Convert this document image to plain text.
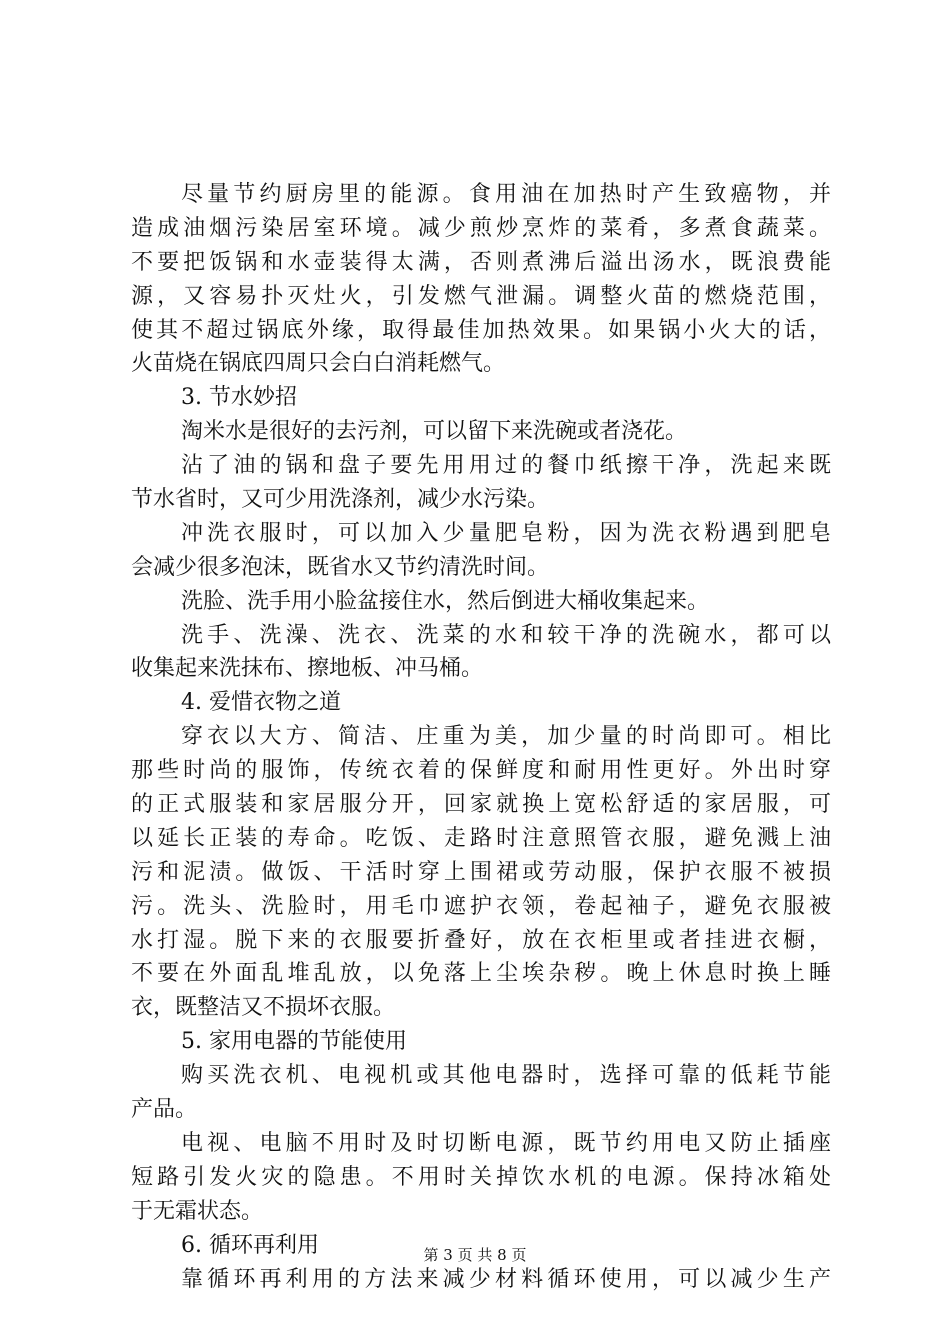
尽量节约厨房里的能源。食用油在加热时产生致癌物，并
造成油烟污染居室环境。减少煎炒烹炸的菜肴，多煮食蔬菜。
不要把饭锅和水壶装得太满，否则煮沸后溢出汤水，既浪费能
源，又容易扑灭灶火，引发燃气泄漏。调整火苗的燃烧范围，
使其不超过锅底外缘，取得最佳加热效果。如果锅小火大的话，
火苗烧在锅底四周只会白白消耗燃气。
3. 节水妙招
淘米水是很好的去污剂，可以留下来洗碗或者浇花。
沾了油的锅和盘子要先用用过的餐巾纸擦干净，洗起来既
节水省时，又可少用洗涤剂，减少水污染。
冲洗衣服时，可以加入少量肥皂粉，因为洗衣粉遇到肥皂
会减少很多泡沫，既省水又节约清洗时间。
洗脸、洗手用小脸盆接住水，然后倒进大桶收集起来。
洗手、洗澡、洗衣、洗菜的水和较干净的洗碗水，都可以
收集起来洗抹布、擦地板、冲马桶。
4. 爱惜衣物之道
穿衣以大方、简洁、庄重为美，加少量的时尚即可。相比
那些时尚的服饰，传统衣着的保鲜度和耐用性更好。外出时穿
的正式服装和家居服分开，回家就换上宽松舒适的家居服，可
以延长正装的寿命。吃饭、走路时注意照管衣服，避免溅上油
污和泥渍。做饭、干活时穿上围裙或劳动服，保护衣服不被损
污。洗头、洗脸时，用毛巾遮护衣领，卷起袖子，避免衣服被
水打湿。脱下来的衣服要折叠好，放在衣柜里或者挂进衣橱，
不要在外面乱堆乱放，以免落上尘埃杂秽。晚上休息时换上睡
衣，既整洁又不损坏衣服。
5. 家用电器的节能使用
购买洗衣机、电视机或其他电器时，选择可靠的低耗节能
产品。
电视、电脑不用时及时切断电源，既节约用电又防止插座
短路引发火灾的隐患。不用时关掉饮水机的电源。保持冰箱处
于无霜状态。
6. 循环再利用
靠循环再利用的方法来减少材料循环使用，可以减少生产
第 3 页 共 8 页
